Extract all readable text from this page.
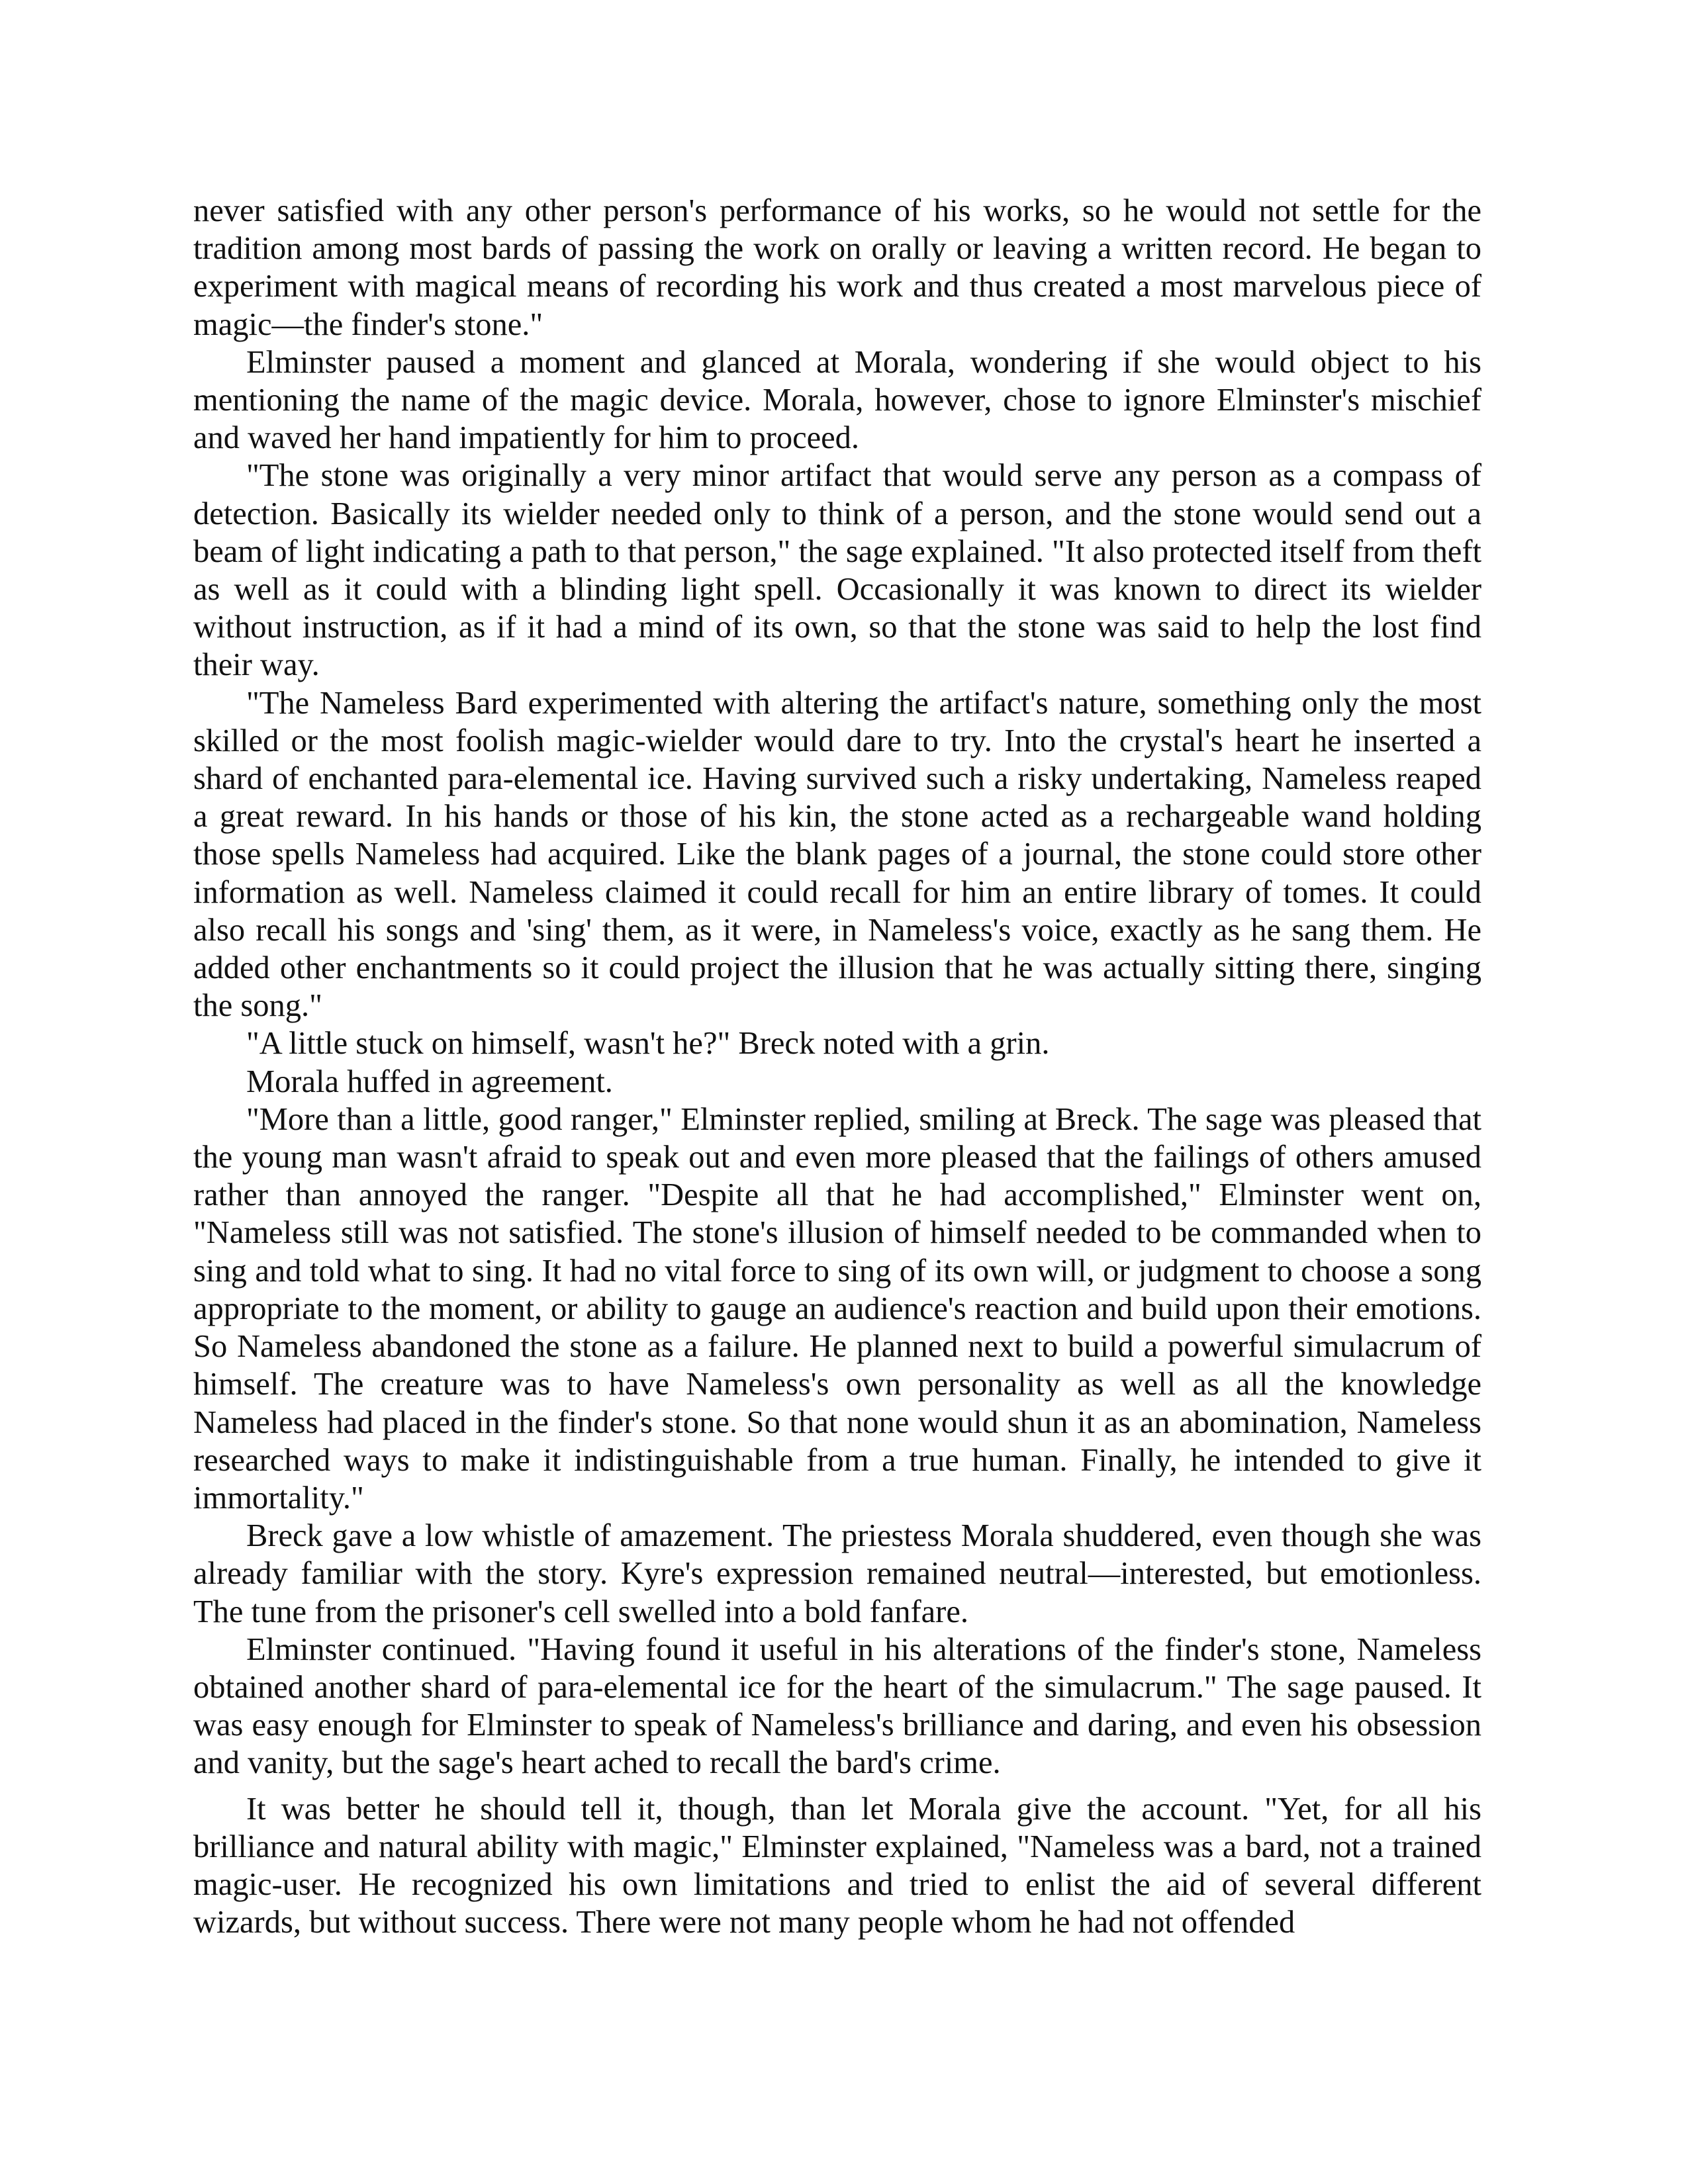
never satisfied with any other person's performance of his works, so he would not settle for the tradition among most bards of passing the work on orally or leaving a written record. He began to experiment with magical means of recording his work and thus created a most marvelous piece of magic—the finder's stone."

Elminster paused a moment and glanced at Morala, wondering if she would object to his mentioning the name of the magic device. Morala, however, chose to ignore Elminster's mischief and waved her hand impatiently for him to proceed.

"The stone was originally a very minor artifact that would serve any person as a compass of detection. Basically its wielder needed only to think of a person, and the stone would send out a beam of light indicating a path to that person," the sage explained. "It also protected itself from theft as well as it could with a blinding light spell. Occasionally it was known to direct its wielder without instruction, as if it had a mind of its own, so that the stone was said to help the lost find their way.

"The Nameless Bard experimented with altering the artifact's nature, something only the most skilled or the most foolish magic-wielder would dare to try. Into the crystal's heart he inserted a shard of enchanted para-elemental ice. Having survived such a risky undertaking, Nameless reaped a great reward. In his hands or those of his kin, the stone acted as a rechargeable wand holding those spells Nameless had acquired. Like the blank pages of a journal, the stone could store other information as well. Nameless claimed it could recall for him an entire library of tomes. It could also recall his songs and 'sing' them, as it were, in Nameless's voice, exactly as he sang them. He added other enchantments so it could project the illusion that he was actually sitting there, singing the song."

"A little stuck on himself, wasn't he?" Breck noted with a grin.

Morala huffed in agreement.

"More than a little, good ranger," Elminster replied, smiling at Breck. The sage was pleased that the young man wasn't afraid to speak out and even more pleased that the failings of others amused rather than annoyed the ranger. "Despite all that he had accomplished," Elminster went on, "Nameless still was not satisfied. The stone's illusion of himself needed to be commanded when to sing and told what to sing. It had no vital force to sing of its own will, or judgment to choose a song appropriate to the moment, or ability to gauge an audience's reaction and build upon their emotions. So Nameless abandoned the stone as a failure. He planned next to build a powerful simulacrum of himself. The creature was to have Nameless's own personality as well as all the knowledge Nameless had placed in the finder's stone. So that none would shun it as an abomination, Nameless researched ways to make it indistinguishable from a true human. Finally, he intended to give it immortality."

Breck gave a low whistle of amazement. The priestess Morala shuddered, even though she was already familiar with the story. Kyre's expression remained neutral—interested, but emotionless. The tune from the prisoner's cell swelled into a bold fanfare.

Elminster continued. "Having found it useful in his alterations of the finder's stone, Nameless obtained another shard of para-elemental ice for the heart of the simulacrum." The sage paused. It was easy enough for Elminster to speak of Nameless's brilliance and daring, and even his obsession and vanity, but the sage's heart ached to recall the bard's crime.

It was better he should tell it, though, than let Morala give the account. "Yet, for all his brilliance and natural ability with magic," Elminster explained, "Nameless was a bard, not a trained magic-user. He recognized his own limitations and tried to enlist the aid of several different wizards, but without success. There were not many people whom he had not offended
